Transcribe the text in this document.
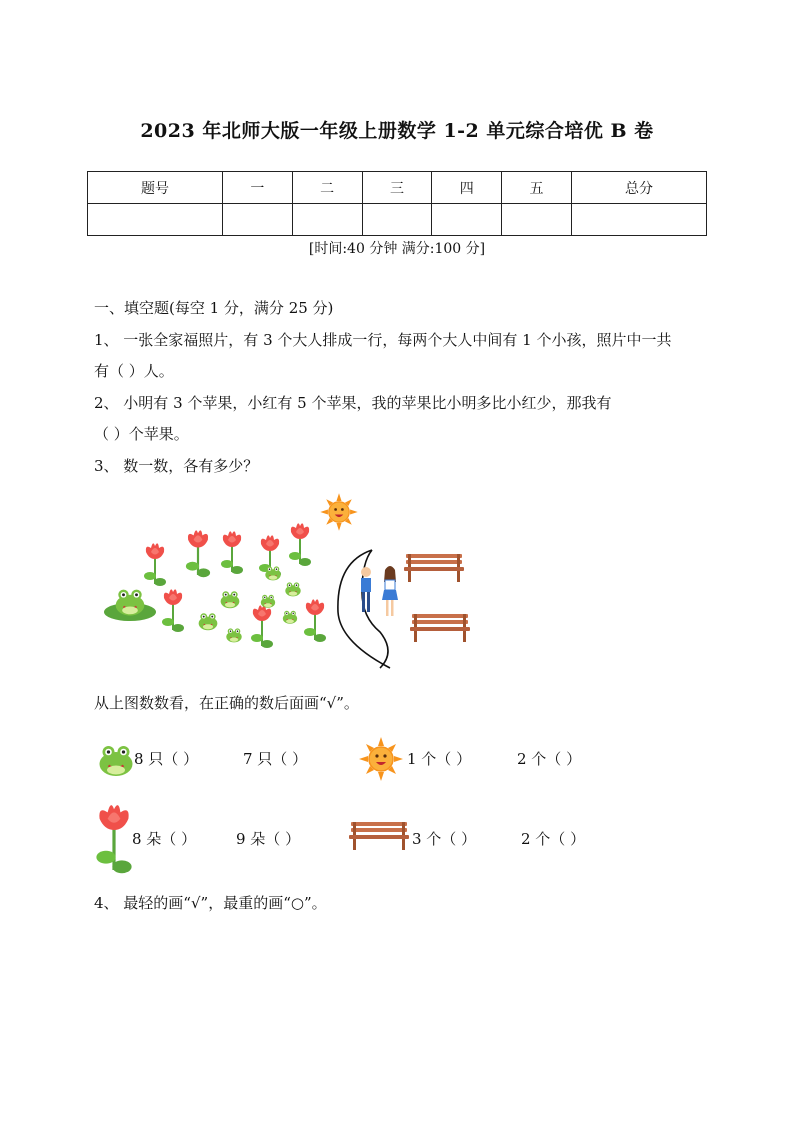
2023 年北师大版一年级上册数学 1-2 单元综合培优 B 卷
题号	一	二	三	四	五	总分

[时间:40 分钟 满分:100 分]
一、填空题(每空 1 分，满分 25 分)
1、 一张全家福照片，有 3 个大人排成一行，每两个大人中间有 1 个小孩，照片中一共
有（ ）人。
2、 小明有 3 个苹果，小红有 5 个苹果，我的苹果比小明多比小红少，那我有
（ ）个苹果。
3、 数一数，各有多少？
从上图数数看，在正确的数后面画“√”。
8 只（ ）	7 只（ ）	1 个（ ）	2 个（ ）
8 朵（ ）	9 朵（ ）	3 个（ ）	2 个（ ）
4、 最轻的画“√”，最重的画“○”。
